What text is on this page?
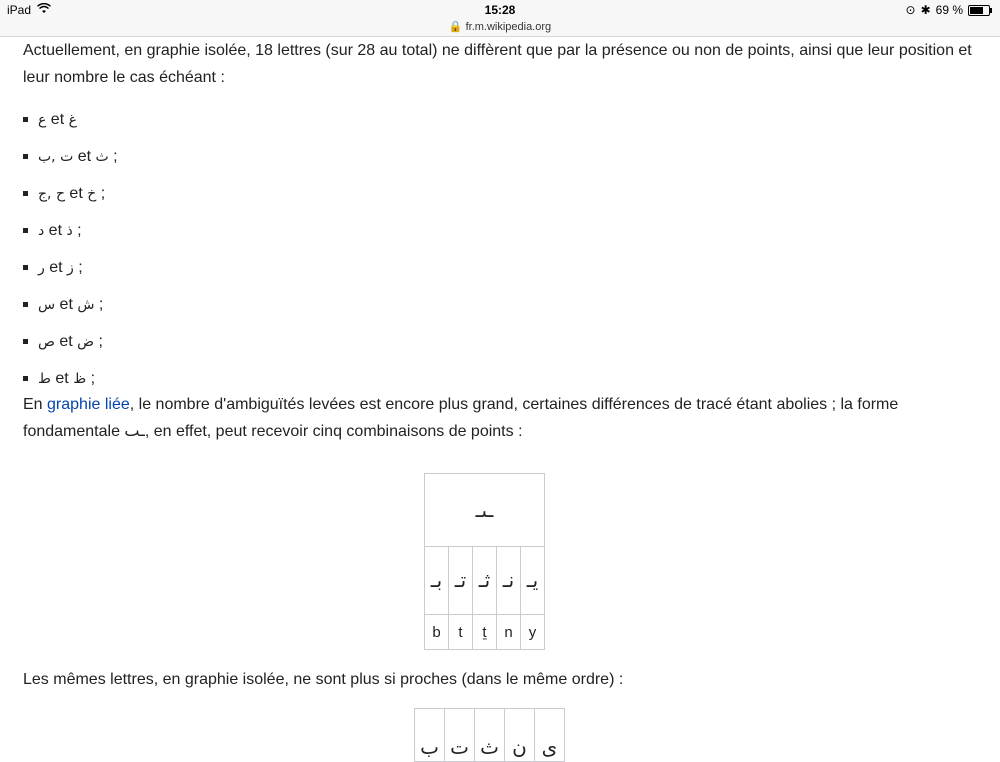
iPad	15:28
🔒 fr.m.wikipedia.org
⊙ ✱ 69 %

Actuellement, en graphie isolée, 18 lettres (sur 28 au total) ne diffèrent que par la présence ou non de points, ainsi que leur position et leur nombre le cas échéant :

ع et غ
ت ,ب et ث ;
ح ,ج et خ ;
د et ذ ;
ر et ز ;
س et ش ;
ص et ض ;
ط et ظ ;

En graphie liée, le nombre d'ambiguïtés levées est encore plus grand, certaines différences de tracé étant abolies ; la forme fondamentale ـٮ, en effet, peut recevoir cinq combinaisons de points :

ـٮـ				
بـ	تـ	ثـ	نـ	يـ
b	t	ṯ	n	y

Les mêmes lettres, en graphie isolée, ne sont plus si proches (dans le même ordre) :

ب	ت	ث	ن	ى
